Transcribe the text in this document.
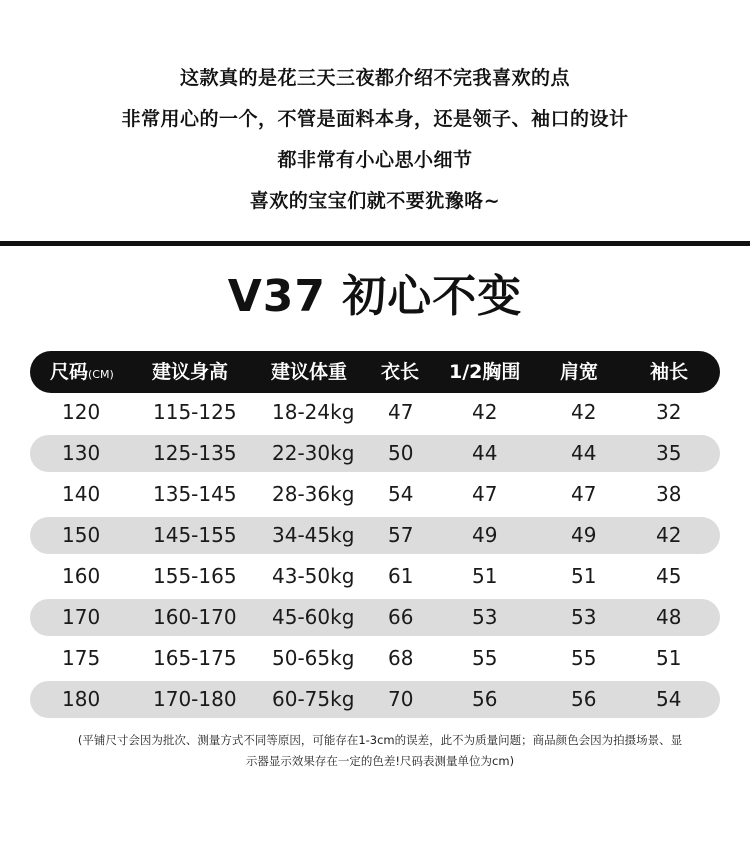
这款真的是花三天三夜都介绍不完我喜欢的点
非常用心的一个，不管是面料本身，还是领子、袖口的设计
都非常有小心思小细节
喜欢的宝宝们就不要犹豫咯~
V37 初心不变
尺码(CM) 建议身高 建议体重 衣长 1/2胸围 肩宽	袖长
120	115-125 18-24kg 47	42	42	32
130	125-135 22-30kg 50	44	44	35
140	135-145 28-36kg 54	47	47	38
150	145-155 34-45kg 57	49	49	42
160	155-165 43-50kg 61	51	51	45
170	160-170 45-60kg 66	53	53	48
175	165-175 50-65kg 68	55	55	51
180	170-180 60-75kg 70	56	56	54
(平铺尺寸会因为批次、测量方式不同等原因，可能存在1-3cm的误差，此不为质量问题；商品颜色会因为拍摄场景、显
示器显示效果存在一定的色差!尺码表测量单位为cm)
